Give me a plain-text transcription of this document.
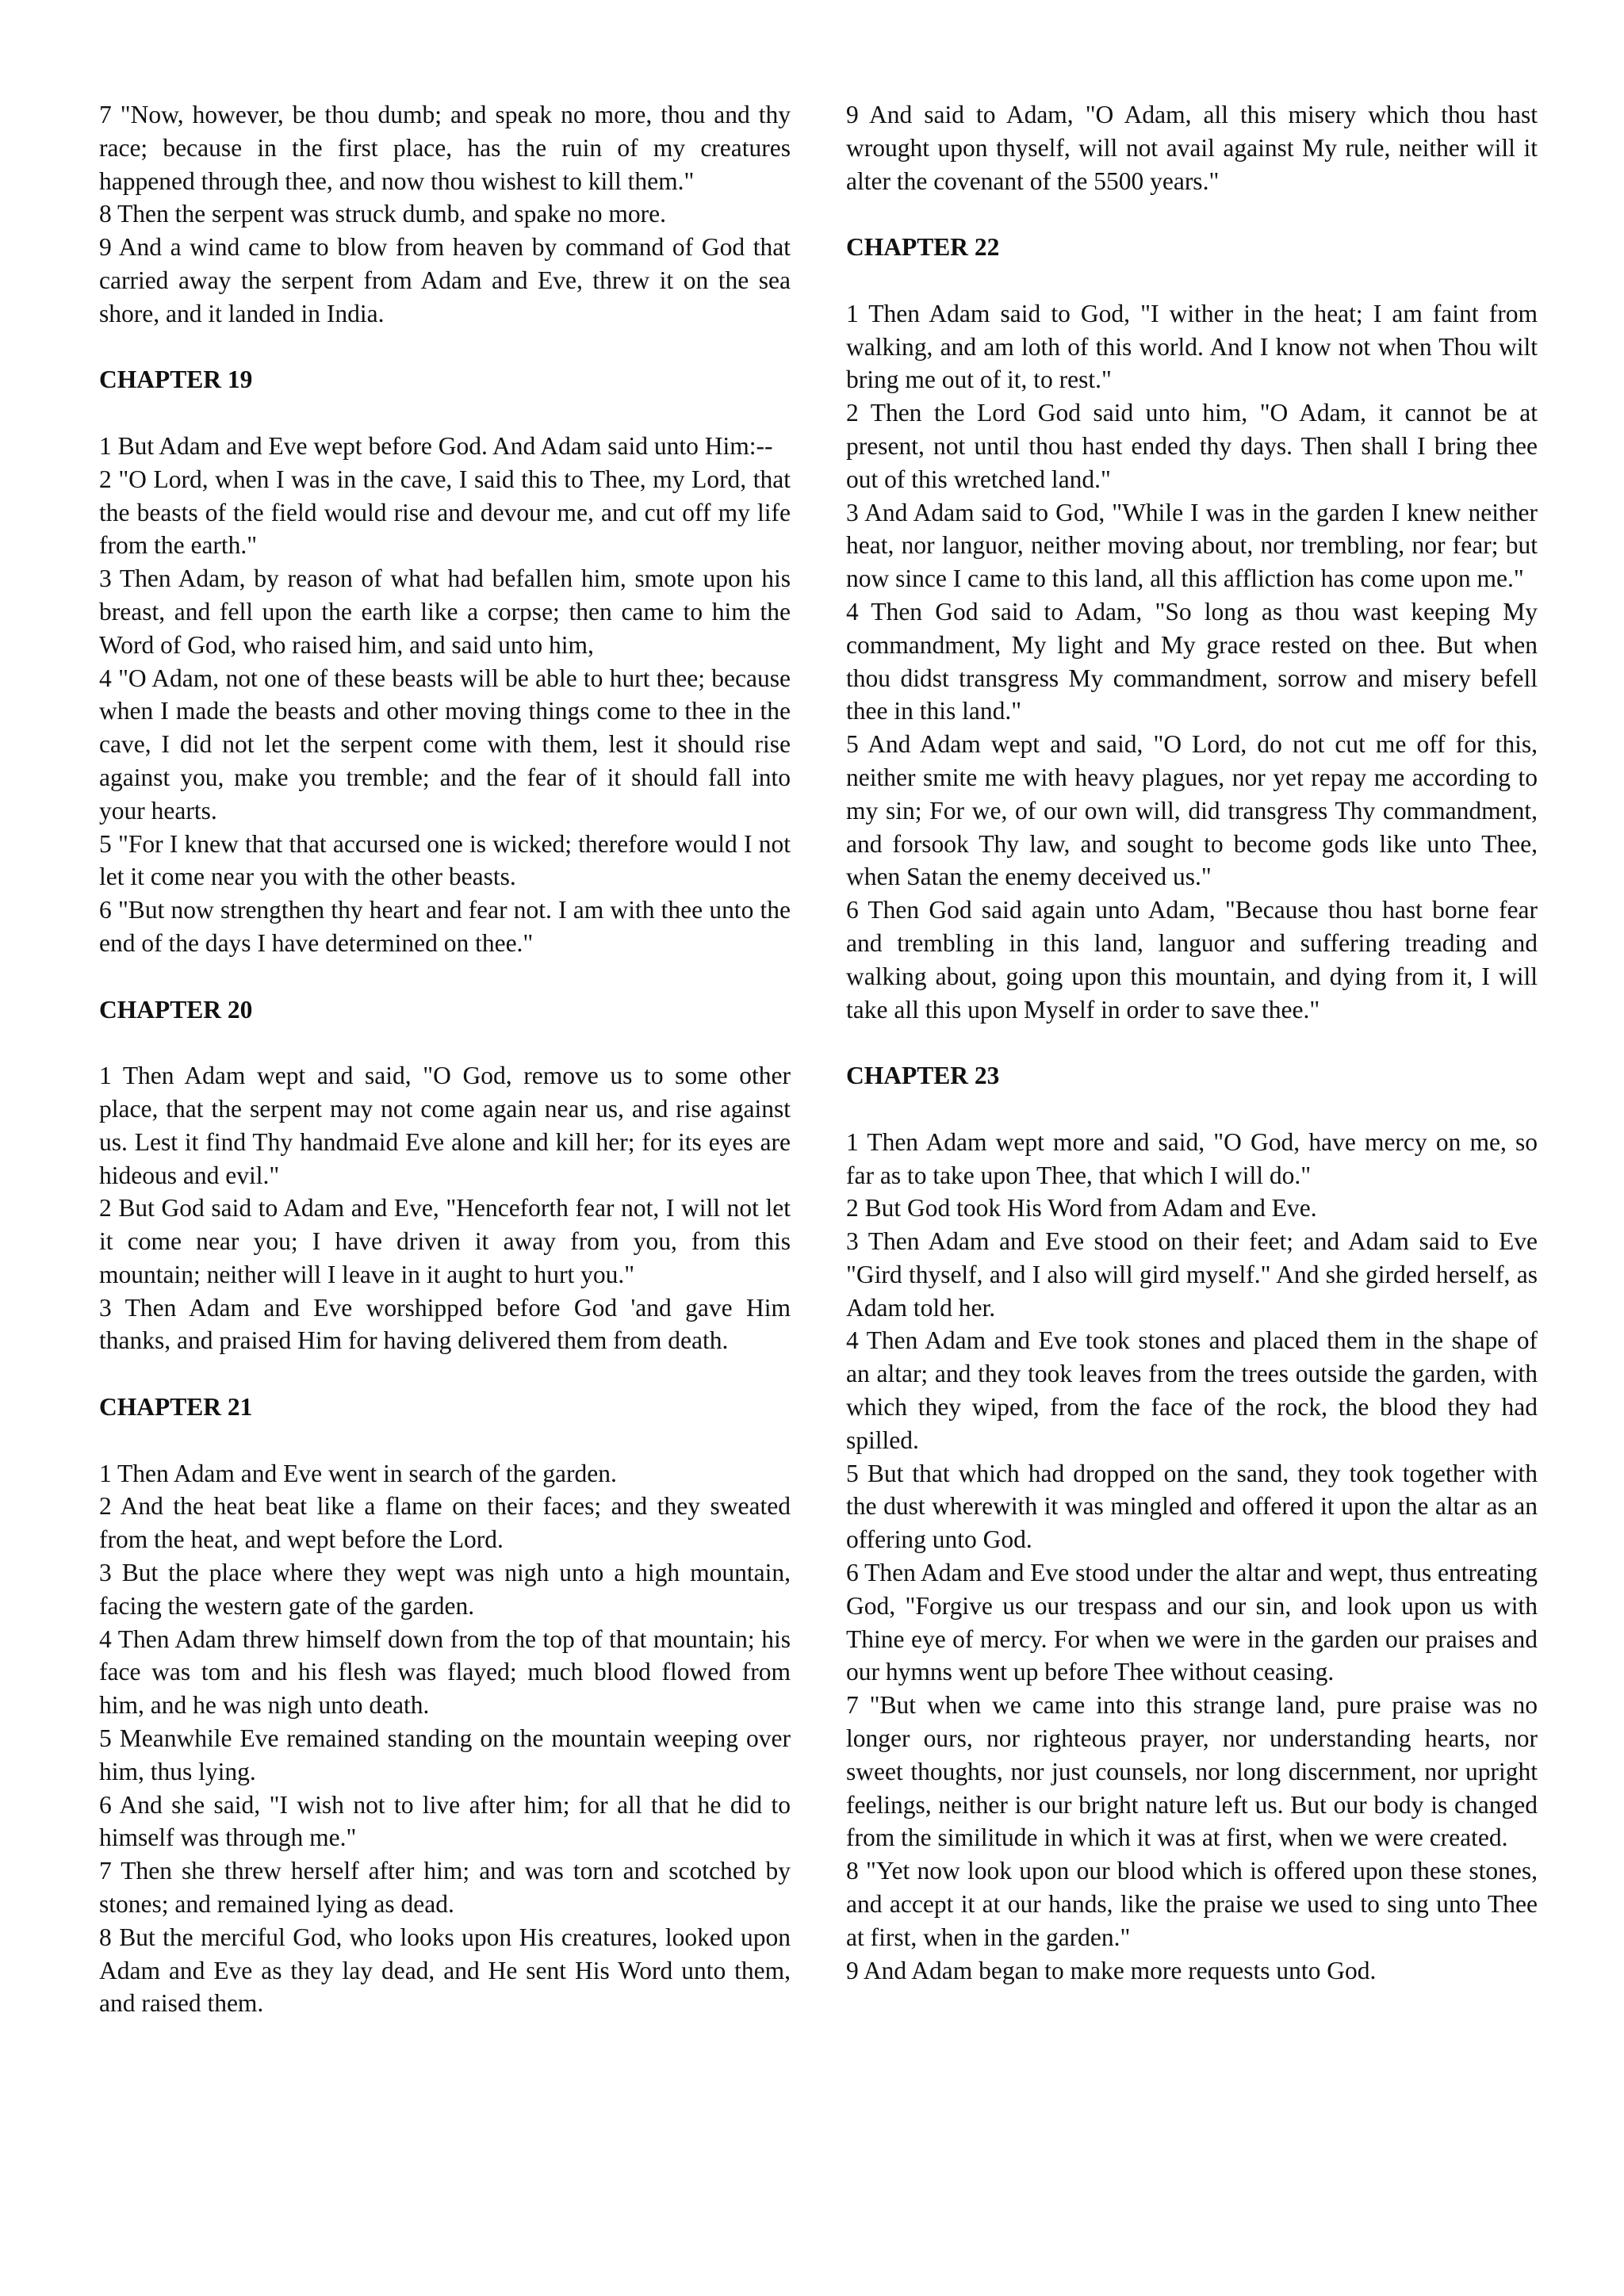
7 "Now, however, be thou dumb; and speak no more, thou and thy race; because in the first place, has the ruin of my creatures happened through thee, and now thou wishest to kill them."

8 Then the serpent was struck dumb, and spake no more.

9 And a wind came to blow from heaven by command of God that carried away the serpent from Adam and Eve, threw it on the sea shore, and it landed in India.

CHAPTER 19

1 But Adam and Eve wept before God. And Adam said unto Him:--

2 "O Lord, when I was in the cave, I said this to Thee, my Lord, that the beasts of the field would rise and devour me, and cut off my life from the earth."

3 Then Adam, by reason of what had befallen him, smote upon his breast, and fell upon the earth like a corpse; then came to him the Word of God, who raised him, and said unto him,

4 "O Adam, not one of these beasts will be able to hurt thee; because when I made the beasts and other moving things come to thee in the cave, I did not let the serpent come with them, lest it should rise against you, make you tremble; and the fear of it should fall into your hearts.

5 "For I knew that that accursed one is wicked; therefore would I not let it come near you with the other beasts.

6 "But now strengthen thy heart and fear not. I am with thee unto the end of the days I have determined on thee."

CHAPTER 20

1 Then Adam wept and said, "O God, remove us to some other place, that the serpent may not come again near us, and rise against us. Lest it find Thy handmaid Eve alone and kill her; for its eyes are hideous and evil."

2 But God said to Adam and Eve, "Henceforth fear not, I will not let it come near you; I have driven it away from you, from this mountain; neither will I leave in it aught to hurt you."

3 Then Adam and Eve worshipped before God 'and gave Him thanks, and praised Him for having delivered them from death.

CHAPTER 21

1 Then Adam and Eve went in search of the garden.

2 And the heat beat like a flame on their faces; and they sweated from the heat, and wept before the Lord.

3 But the place where they wept was nigh unto a high mountain, facing the western gate of the garden.

4 Then Adam threw himself down from the top of that mountain; his face was tom and his flesh was flayed; much blood flowed from him, and he was nigh unto death.

5 Meanwhile Eve remained standing on the mountain weeping over him, thus lying.

6 And she said, "I wish not to live after him; for all that he did to himself was through me."

7 Then she threw herself after him; and was torn and scotched by stones; and remained lying as dead.

8 But the merciful God, who looks upon His creatures, looked upon Adam and Eve as they lay dead, and He sent His Word unto them, and raised them.

9 And said to Adam, "O Adam, all this misery which thou hast wrought upon thyself, will not avail against My rule, neither will it alter the covenant of the 5500 years."

CHAPTER 22

1 Then Adam said to God, "I wither in the heat; I am faint from walking, and am loth of this world. And I know not when Thou wilt bring me out of it, to rest."

2 Then the Lord God said unto him, "O Adam, it cannot be at present, not until thou hast ended thy days. Then shall I bring thee out of this wretched land."

3 And Adam said to God, "While I was in the garden I knew neither heat, nor languor, neither moving about, nor trembling, nor fear; but now since I came to this land, all this affliction has come upon me."

4 Then God said to Adam, "So long as thou wast keeping My commandment, My light and My grace rested on thee. But when thou didst transgress My commandment, sorrow and misery befell thee in this land."

5 And Adam wept and said, "O Lord, do not cut me off for this, neither smite me with heavy plagues, nor yet repay me according to my sin; For we, of our own will, did transgress Thy commandment, and forsook Thy law, and sought to become gods like unto Thee, when Satan the enemy deceived us."

6 Then God said again unto Adam, "Because thou hast borne fear and trembling in this land, languor and suffering treading and walking about, going upon this mountain, and dying from it, I will take all this upon Myself in order to save thee."

CHAPTER 23

1 Then Adam wept more and said, "O God, have mercy on me, so far as to take upon Thee, that which I will do."

2 But God took His Word from Adam and Eve.

3 Then Adam and Eve stood on their feet; and Adam said to Eve "Gird thyself, and I also will gird myself." And she girded herself, as Adam told her.

4 Then Adam and Eve took stones and placed them in the shape of an altar; and they took leaves from the trees outside the garden, with which they wiped, from the face of the rock, the blood they had spilled.

5 But that which had dropped on the sand, they took together with the dust wherewith it was mingled and offered it upon the altar as an offering unto God.

6 Then Adam and Eve stood under the altar and wept, thus entreating God, "Forgive us our trespass and our sin, and look upon us with Thine eye of mercy. For when we were in the garden our praises and our hymns went up before Thee without ceasing.

7 "But when we came into this strange land, pure praise was no longer ours, nor righteous prayer, nor understanding hearts, nor sweet thoughts, nor just counsels, nor long discernment, nor upright feelings, neither is our bright nature left us. But our body is changed from the similitude in which it was at first, when we were created.

8 "Yet now look upon our blood which is offered upon these stones, and accept it at our hands, like the praise we used to sing unto Thee at first, when in the garden."

9 And Adam began to make more requests unto God.
